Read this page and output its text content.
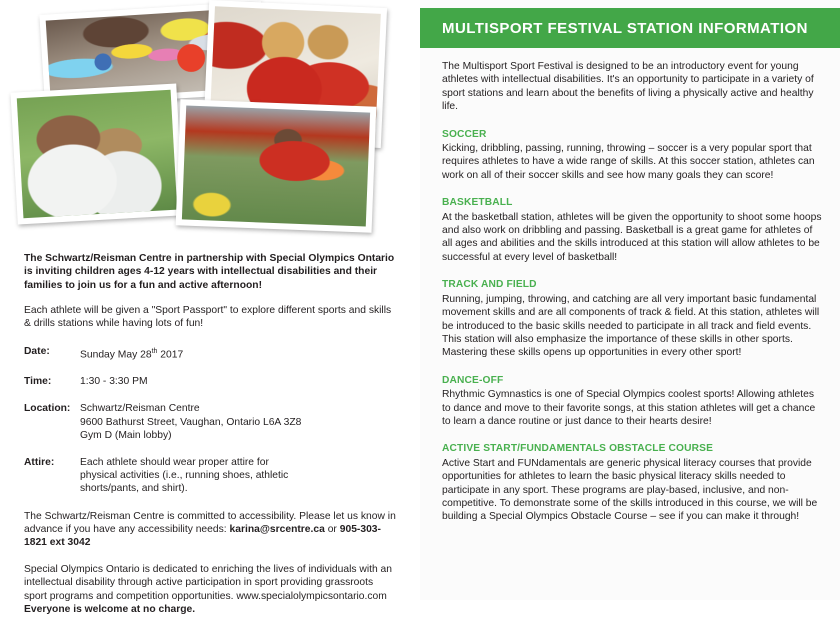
The Schwartz/Reisman Centre in partnership with Special Olympics Ontario is inviting children ages 4-12 years with intellectual disabilities and their families to join us for a fun and active afternoon!

Each athlete will be given a "Sport Passport" to explore different sports and skills & drills stations while having lots of fun!

Date:	Sunday May 28th 2017
Time:	1:30 - 3:30 PM
Location: Schwartz/Reisman Centre
9600 Bathurst Street, Vaughan, Ontario L6A 3Z8
Gym D (Main lobby)
Attire:	Each athlete should wear proper attire for
physical activities (i.e., running shoes, athletic
shorts/pants, and shirt).

The Schwartz/Reisman Centre is committed to accessibility. Please let us know in advance if you have any accessibility needs: karina@srcentre.ca or 905-303- 1821 ext 3042

Special Olympics Ontario is dedicated to enriching the lives of individuals with an intellectual disability through active participation in sport providing grassroots sport programs and competition opportunities. www.specialolympicsontario.com

Everyone is welcome at no charge.
MULTISPORT FESTIVAL STATION INFORMATION

The Multisport Sport Festival is designed to be an introductory event for young athletes with intellectual disabilities. It's an opportunity to participate in a variety of sport stations and learn about the benefits of living a physically active and healthy life.

SOCCER

Kicking, dribbling, passing, running, throwing – soccer is a very popular sport that requires athletes to have a wide range of skills. At this soccer station, athletes can work on all of their soccer skills and see how many goals they can score!

BASKETBALL

At the basketball station, athletes will be given the opportunity to shoot some hoops and also work on dribbling and passing. Basketball is a great game for athletes of all ages and abilities and the skills introduced at this station will allow athletes to be successful at every level of basketball!

TRACK AND FIELD

Running, jumping, throwing, and catching are all very important basic fundamental movement skills and are all components of track & field. At this station, athletes will be introduced to the basic skills needed to participate in all track and field events. This station will also emphasize the importance of these skills in other sports. Mastering these skills opens up opportunities in every other sport!

DANCE-OFF

Rhythmic Gymnastics is one of Special Olympics coolest sports! Allowing athletes to dance and move to their favorite songs, at this station athletes will get a chance to learn a dance routine or just dance to their hearts desire!

ACTIVE START/FUNDAMENTALS OBSTACLE COURSE

Active Start and FUNdamentals are generic physical literacy courses that provide opportunities for athletes to learn the basic physical literacy skills needed to participate in any sport. These programs are play-based, inclusive, and non-competitive. To demonstrate some of the skills introduced in this course, we will be building a Special Olympics Obstacle Course – see if you can make it through!
